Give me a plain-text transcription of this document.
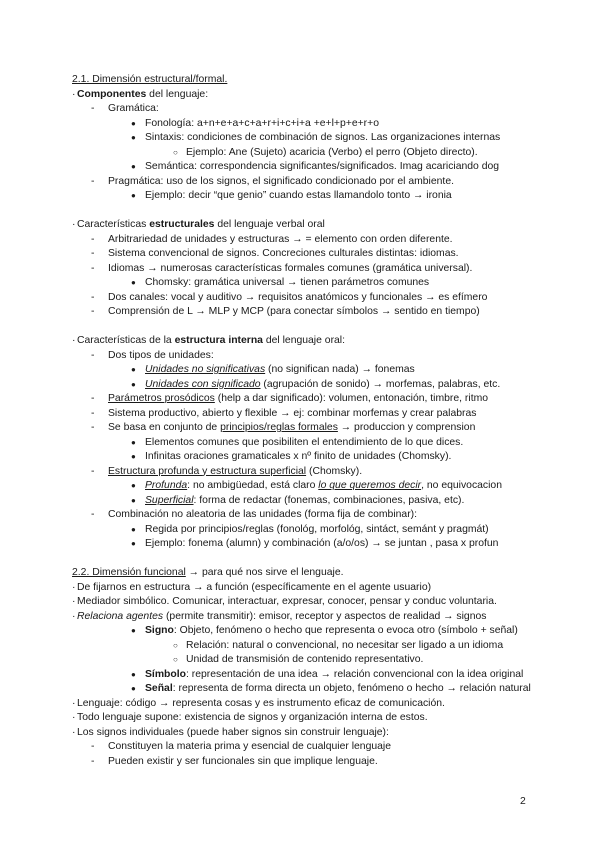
2.1. Dimensión estructural/formal.
· Componentes del lenguaje:
- Gramática:
● Fonología: a+n+e+a+c+a+r+i+c+i+a +e+l+p+e+r+o
● Sintaxis: condiciones de combinación de signos. Las organizaciones internas
○ Ejemplo: Ane (Sujeto) acaricia (Verbo) el perro (Objeto directo).
● Semántica: correspondencia significantes/significados. Imag acariciando dog
- Pragmática: uso de los signos, el significado condicionado por el ambiente.
● Ejemplo: decir “que genio” cuando estas llamandolo tonto → ironia
· Características estructurales del lenguaje verbal oral
- Arbitrariedad de unidades y estructuras → = elemento con orden diferente.
- Sistema convencional de signos. Concreciones culturales distintas: idiomas.
- Idiomas → numerosas características formales comunes (gramática universal).
● Chomsky: gramática universal → tienen parámetros comunes
- Dos canales: vocal y auditivo → requisitos anatómicos y funcionales → es efímero
- Comprensión de L → MLP y MCP (para conectar símbolos → sentido en tiempo)
· Características de la estructura interna del lenguaje oral:
- Dos tipos de unidades:
● Unidades no significativas (no significan nada) → fonemas
● Unidades con significado (agrupación de sonido) → morfemas, palabras, etc.
- Parámetros prosódicos (help a dar significado): volumen, entonación, timbre, ritmo
- Sistema productivo, abierto y flexible → ej: combinar morfemas y crear palabras
- Se basa en conjunto de principios/reglas formales → produccion y comprension
● Elementos comunes que posibiliten el entendimiento de lo que dices.
● Infinitas oraciones gramaticales x nº finito de unidades (Chomsky).
- Estructura profunda y estructura superficial (Chomsky).
● Profunda: no ambigüedad, está claro lo que queremos decir, no equivocacion
● Superficial: forma de redactar (fonemas, combinaciones, pasiva, etc).
- Combinación no aleatoria de las unidades (forma fija de combinar):
● Regida por principios/reglas (fonológ, morfológ, sintáct, semánt y pragmát)
● Ejemplo: fonema (alumn) y combinación (a/o/os) → se juntan , pasa x profun
2.2. Dimensión funcional → para qué nos sirve el lenguaje.
· De fijarnos en estructura → a función (específicamente en el agente usuario)
· Mediador simbólico. Comunicar, interactuar, expresar, conocer, pensar y conduc voluntaria.
· Relaciona agentes (permite transmitir): emisor, receptor y aspectos de realidad → signos
● Signo: Objeto, fenómeno o hecho que representa o evoca otro (símbolo + señal)
○ Relación: natural o convencional, no necesitar ser ligado a un idioma
○ Unidad de transmisión de contenido representativo.
● Símbolo: representación de una idea → relación convencional con la idea original
● Señal: representa de forma directa un objeto, fenómeno o hecho → relación natural
· Lenguaje: código → representa cosas y es instrumento eficaz de comunicación.
· Todo lenguaje supone: existencia de signos y organización interna de estos.
· Los signos individuales (puede haber signos sin construir lenguaje):
- Constituyen la materia prima y esencial de cualquier lenguaje
- Pueden existir y ser funcionales sin que implique lenguaje.
2
